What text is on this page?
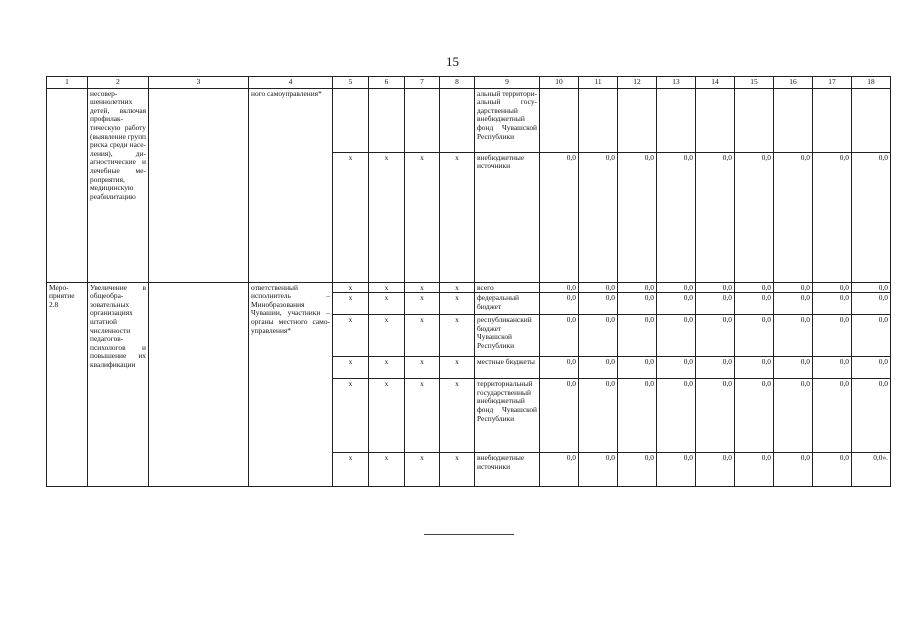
15
1	2	3	4	5	6	7	8	9	10	11	12	13	14	15	16	17	18
	несовершеннолетних детей, включая профилактическую работу (выявление групп риска среди населения), диагностические и лечебные мероприятия, медицинскую реабилитацию		ного самоуправления*					альный территориальный государственный внебюджетный фонд Чувашской Республики									
				x	x	x	x	внебюджетные источники	0,0	0,0	0,0	0,0	0,0	0,0	0,0	0,0	0,0
Мероприятие 2.8	Увеличение в общеобразовательных организациях штатной численности педагогов-психологов и повышение их квалификации		ответственный исполнитель – Минобразования Чувашии, участники – органы местного самоуправления*	x	x	x	x	всего	0,0	0,0	0,0	0,0	0,0	0,0	0,0	0,0	0,0
				x	x	x	x	федеральный бюджет	0,0	0,0	0,0	0,0	0,0	0,0	0,0	0,0	0,0
				x	x	x	x	республиканский бюджет Чувашской Республики	0,0	0,0	0,0	0,0	0,0	0,0	0,0	0,0	0,0
				x	x	x	x	местные бюджеты	0,0	0,0	0,0	0,0	0,0	0,0	0,0	0,0	0,0
				x	x	x	x	территориальный государственный внебюджетный фонд Чувашской Республики	0,0	0,0	0,0	0,0	0,0	0,0	0,0	0,0	0,0
				x	x	x	x	внебюджетные источники	0,0	0,0	0,0	0,0	0,0	0,0	0,0	0,0	0,0».
